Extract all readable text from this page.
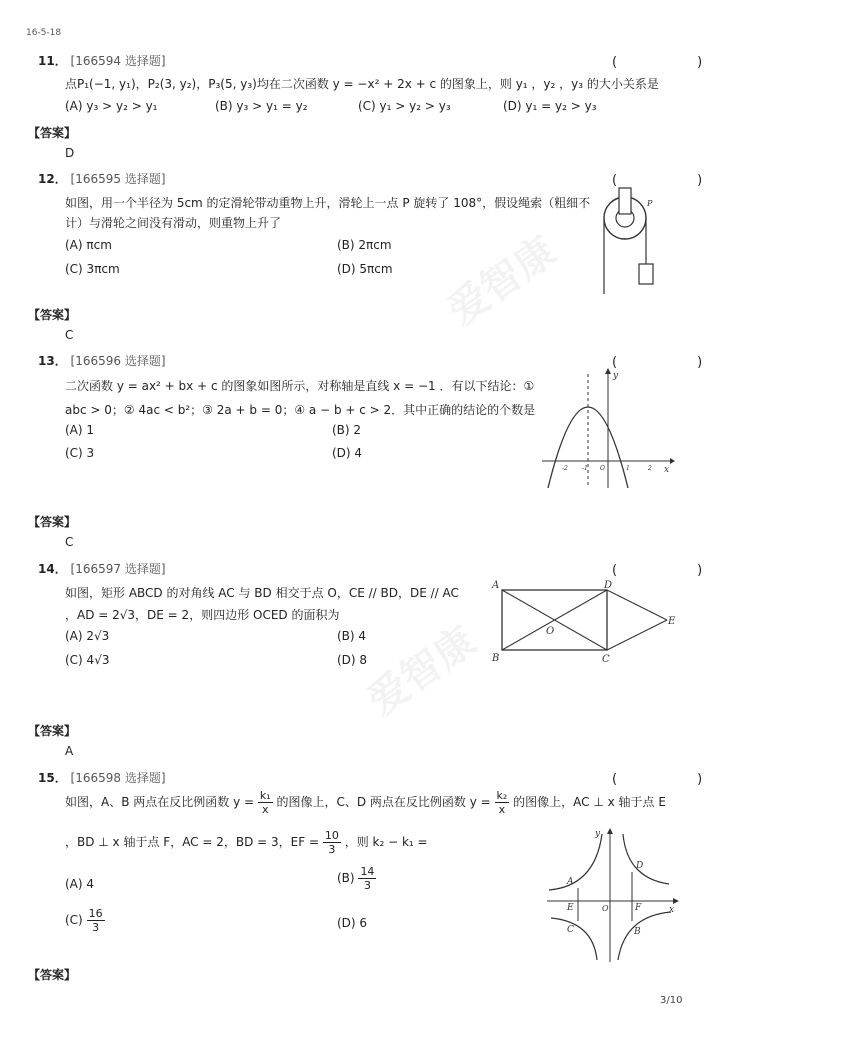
16-5-18
3/10
爱智康
爱智康
11． [166594 选择题]	(　　)
点P₁(−1, y₁)，P₂(3, y₂)，P₃(5, y₃)均在二次函数 y = −x² + 2x + c 的图象上，则 y₁ ，y₂ ，y₃ 的大小关系是
(A) y₃ > y₂ > y₁	(B) y₃ > y₁ = y₂	(C) y₁ > y₂ > y₃	(D) y₁ = y₂ > y₃
【答案】
D
12． [166595 选择题]	(　　)
如图，用一个半径为 5cm 的定滑轮带动重物上升，滑轮上一点 P 旋转了 108°，假设绳索（粗细不
计）与滑轮之间没有滑动，则重物上升了
(A) πcm	(B) 2πcm
(C) 3πcm	(D) 5πcm
P
【答案】
C
13． [166596 选择题]	(　　)
二次函数 y = ax² + bx + c 的图象如图所示，对称轴是直线 x = −1 ．有以下结论：①
abc > 0；② 4ac < b²；③ 2a + b = 0；④ a − b + c > 2．其中正确的结论的个数是
(A) 1	(B) 2
(C) 3	(D) 4
y
x
-2 -1 O	1	2
【答案】
C
14． [166597 选择题]	(　　)
如图，矩形 ABCD 的对角线 AC 与 BD 相交于点 O，CE // BD，DE // AC
，AD = 2√3，DE = 2，则四边形 OCED 的面积为
(A) 2√3	(B) 4
(C) 4√3	(D) 8
A
B	C
D
E
O
【答案】
A
15． [166598 选择题]	(　　)
如图，A、B 两点在反比例函数 $y = \frac{\text{k₁}}{x}$ 的图像上，C、D 两点在反比例函数 $y = \frac{\text{k₂}}{x}$ 的图像上，AC ⊥ x 轴于点 E
，BD ⊥ x 轴于点 F，AC = 2，BD = 3，EF = $\frac{10}{3}$ ，则 k₂ − k₁ =
(A) 4	$(B) \frac{14}{3}$
$(C) \frac{16}{3}$	(D) 6
y
x
A
B
C
D
E	F
O
【答案】
